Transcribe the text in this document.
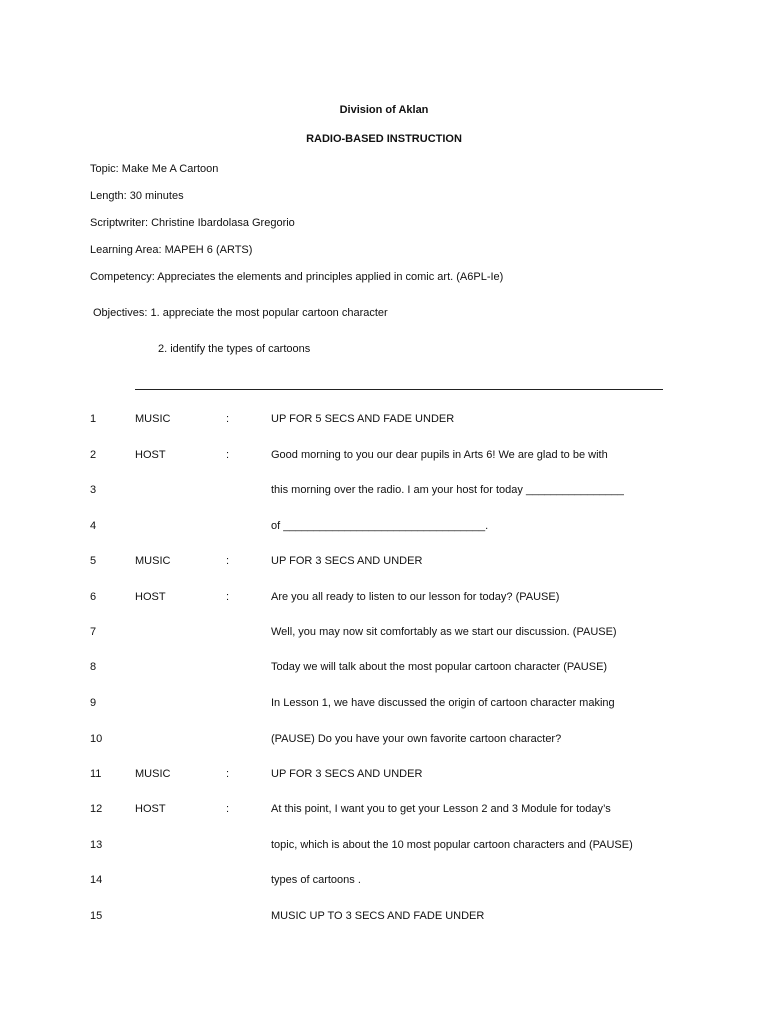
Division of Aklan
RADIO-BASED INSTRUCTION
Topic: Make Me A Cartoon
Length: 30 minutes
Scriptwriter: Christine Ibardolasa Gregorio
Learning Area: MAPEH 6 (ARTS)
Competency: Appreciates the elements and principles applied in comic art. (A6PL-Ie)
Objectives: 1. appreciate the most popular cartoon character
2. identify the types of cartoons
1	MUSIC	:	UP FOR 5 SECS AND FADE UNDER
2	HOST	:	Good morning to you our dear pupils in Arts 6! We are glad to be with
3	this morning over the radio. I am your host for today ________________
4	of _________________________________.
5	MUSIC	:	UP FOR 3 SECS AND UNDER
6	HOST	:	Are you all ready to listen to our lesson for today? (PAUSE)
7	Well, you may now sit comfortably as we start our discussion. (PAUSE)
8	Today we will talk about the most popular cartoon character (PAUSE)
9	In Lesson 1, we have discussed the origin of cartoon character making
10	(PAUSE) Do you have your own favorite cartoon character?
11	MUSIC	:	UP FOR 3 SECS AND UNDER
12	HOST	:	At this point, I want you to get your Lesson 2 and 3 Module for today’s
13	topic, which is about the 10 most popular cartoon characters and (PAUSE)
14	types of cartoons .
15	MUSIC UP TO 3 SECS AND FADE UNDER
